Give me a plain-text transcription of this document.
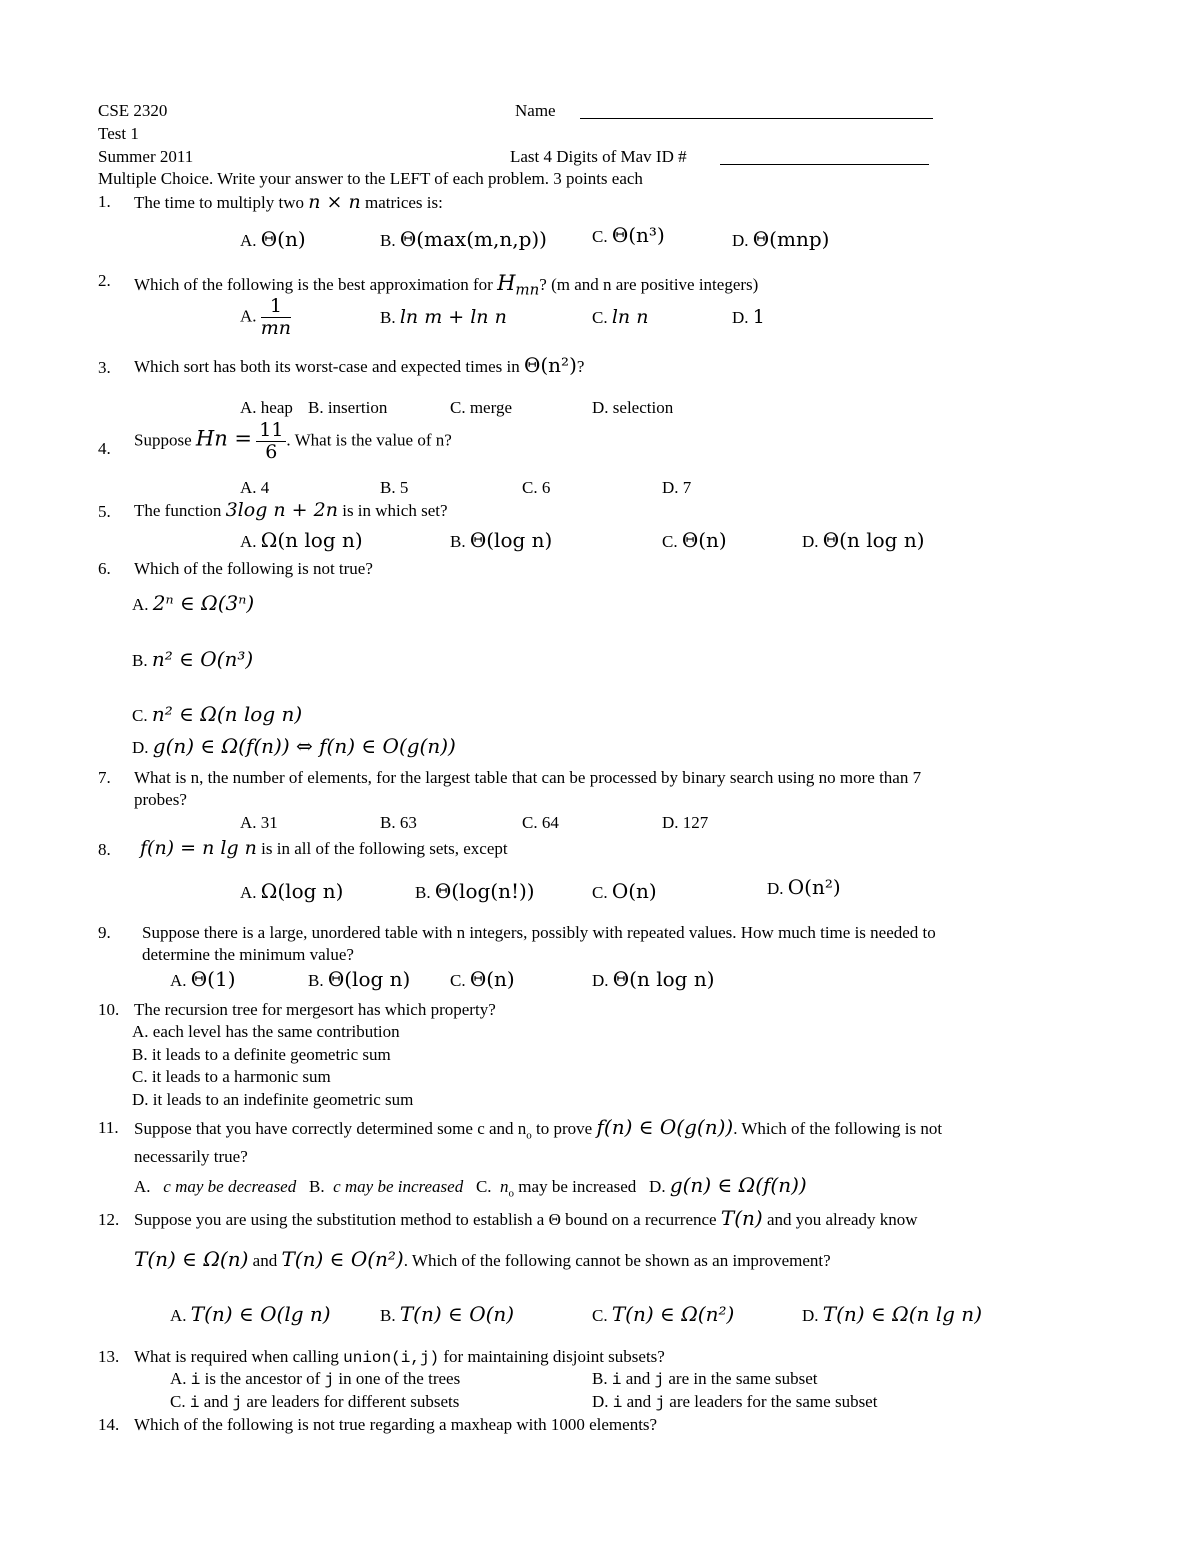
CSE 2320
Test 1
Summer 2011
Name
Last 4 Digits of Mav ID #
Multiple Choice. Write your answer to the LEFT of each problem. 3 points each
1. The time to multiply two n × n matrices is:
A. Θ(n)	B. Θ(max(m,n,p))	C. Θ(n³)	D. Θ(mnp)
2. Which of the following is the best approximation for $H_{mn}$? (m and n are positive integers)
A. $\frac{1}{mn}$	B. ln m + ln n	C. ln n	D. 1
3. Which sort has both its worst-case and expected times in Θ(n²)?
A. heap B. insertion	C. merge	D. selection
4. Suppose $Hn = \frac{11}{6}$ . What is the value of n?
A. 4	B. 5	C. 6	D. 7
5. The function 3log n + 2n is in which set?
A. Ω(n log n)	B. Θ(log n)	C. Θ(n)	D. Θ(n log n)
6. Which of the following is not true?
A. 2ⁿ ∈ Ω(3ⁿ)
B. n² ∈ O(n³)
C. n² ∈ Ω(n log n)
D. g(n) ∈ Ω(f(n)) ⇔ f(n) ∈ O(g(n))
7. What is n, the number of elements, for the largest table that can be processed by binary search using no more than 7
probes?
A. 31	B. 63	C. 64	D. 127
8. f(n) = n lg n is in all of the following sets, except
A. Ω(log n)	B. Θ(log(n!))	C. O(n)	D. O(n²)
9. Suppose there is a large, unordered table with n integers, possibly with repeated values. How much time is needed to
determine the minimum value?
A. Θ(1)	B. Θ(log n) C. Θ(n)	D. Θ(n log n)
10. The recursion tree for mergesort has which property?
A. each level has the same contribution
B. it leads to a definite geometric sum
C. it leads to a harmonic sum
D. it leads to an indefinite geometric sum
11. Suppose that you have correctly determined some c and $n_o$ to prove f(n) ∈ O(g(n)). Which of the following is not
necessarily true?
A. c may be decreased B. c may be increased C. $n_o$ may be increased D. g(n) ∈ Ω(f(n))
12. Suppose you are using the substitution method to establish a Θ bound on a recurrence T(n) and you already know
T(n) ∈ Ω(n) and T(n) ∈ O(n²). Which of the following cannot be shown as an improvement?
A. T(n) ∈ O(lg n)	B. T(n) ∈ O(n)	C. T(n) ∈ Ω(n²)	D. T(n) ∈ Ω(n lg n)
13. What is required when calling union(i,j) for maintaining disjoint subsets?
A. i is the ancestor of j in one of the trees	B. i and j are in the same subset
C. i and j are leaders for different subsets	D. i and j are leaders for the same subset
14. Which of the following is not true regarding a maxheap with 1000 elements?
